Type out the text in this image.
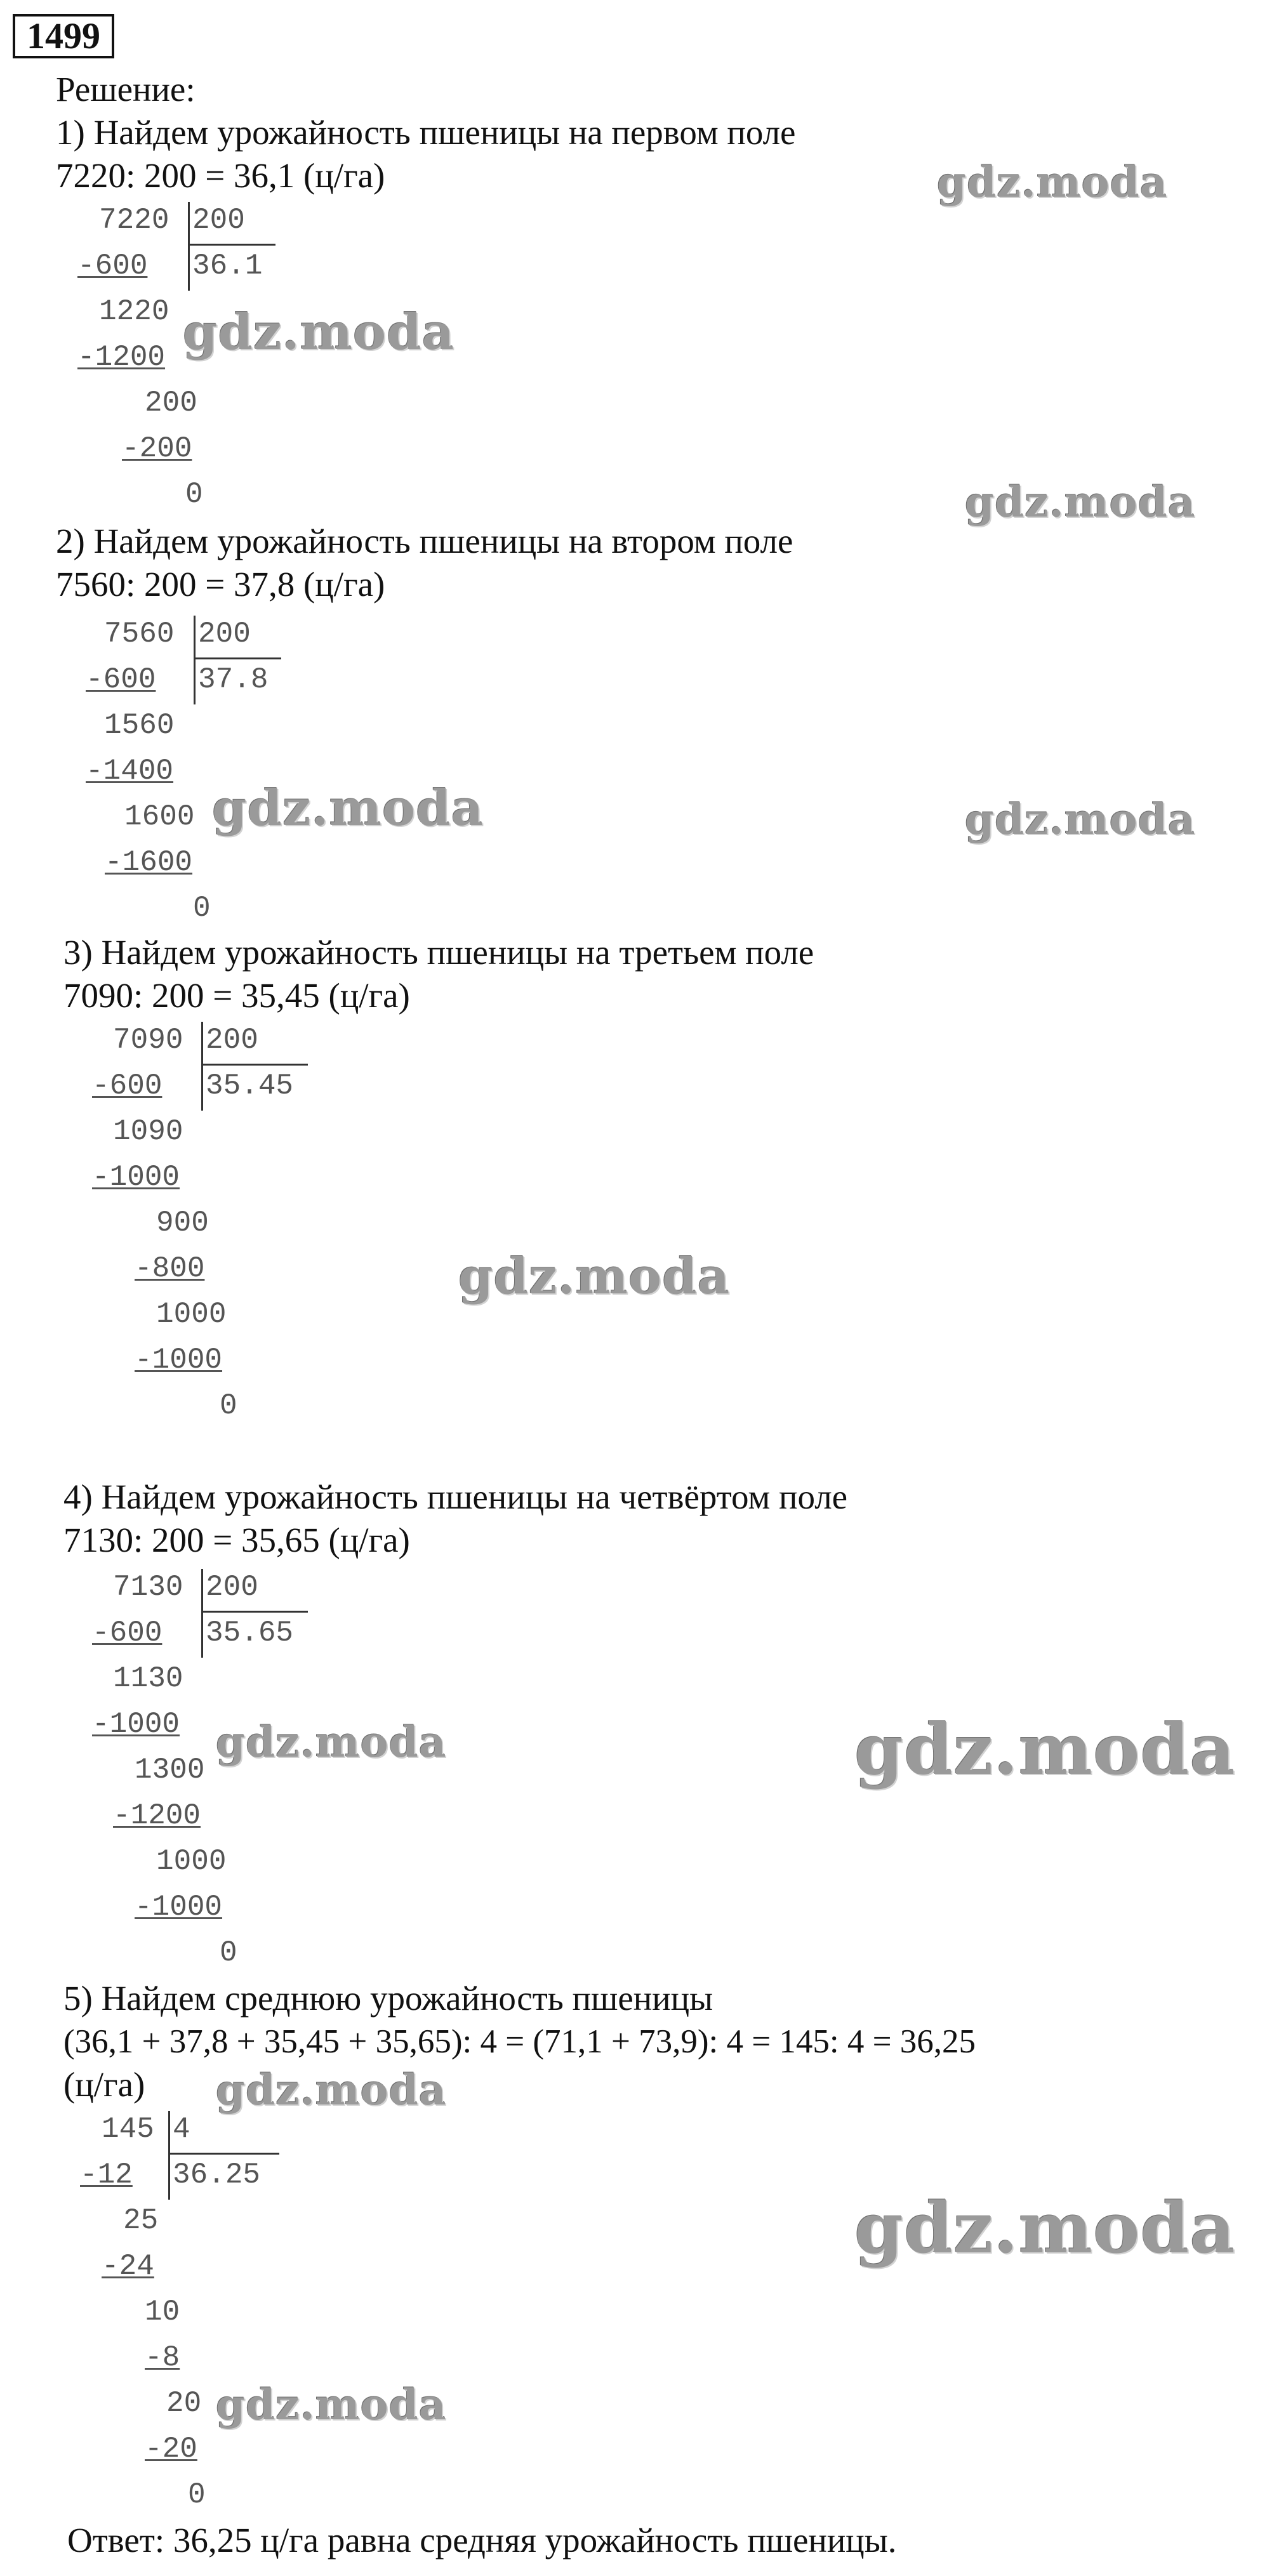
1499
Решение:
1) Найдем урожайность пшеницы на первом поле
7220: 200 = 36,1 (ц/га)
7220 200
36.1
-600
1220
-1200
200
-200
0
2) Найдем урожайность пшеницы на втором поле
7560: 200 = 37,8 (ц/га)
7560 200
37.8
-600
1560
-1400
1600
-1600
0
3) Найдем урожайность пшеницы на третьем поле
7090: 200 = 35,45 (ц/га)
7090 200
35.45
-600
1090
-1000
900
-800
1000
-1000
0
4) Найдем урожайность пшеницы на четвёртом поле
7130: 200 = 35,65 (ц/га)
7130 200
35.65
-600
1130
-1000
1300
-1200
1000
-1000
0
5) Найдем среднюю урожайность пшеницы
(36,1 + 37,8 + 35,45 + 35,65): 4 = (71,1 + 73,9): 4 = 145: 4 = 36,25
(ц/га)
145 4
36.25
-12
25
-24
10
-8
20
-20
0
Ответ: 36,25 ц/га равна средняя урожайность пшеницы.
gdz.moda
gdz.moda
gdz.moda
gdz.moda	gdz.moda
gdz.moda
gdz.moda	gdz.moda
gdz.moda
gdz.moda
gdz.moda
